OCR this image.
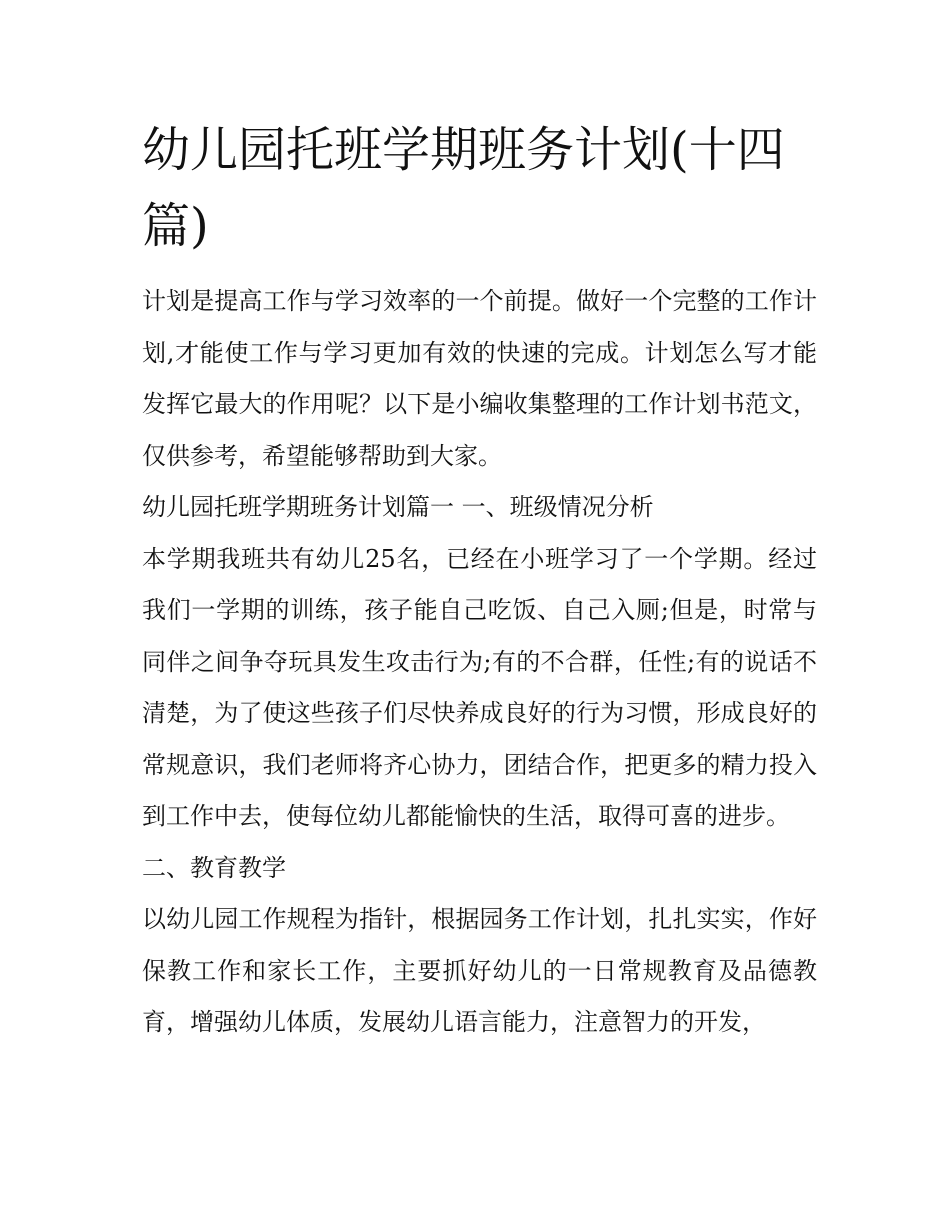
幼儿园托班学期班务计划(十四篇)

计划是提高工作与学习效率的一个前提。做好一个完整的工作计划,才能使工作与学习更加有效的快速的完成。计划怎么写才能发挥它最大的作用呢？以下是小编收集整理的工作计划书范文，仅供参考，希望能够帮助到大家。

幼儿园托班学期班务计划篇一 一、班级情况分析

本学期我班共有幼儿25名，已经在小班学习了一个学期。经过我们一学期的训练，孩子能自己吃饭、自己入厕;但是，时常与同伴之间争夺玩具发生攻击行为;有的不合群，任性;有的说话不清楚，为了使这些孩子们尽快养成良好的行为习惯，形成良好的常规意识，我们老师将齐心协力，团结合作，把更多的精力投入到工作中去，使每位幼儿都能愉快的生活，取得可喜的进步。

二、教育教学

以幼儿园工作规程为指针，根据园务工作计划，扎扎实实，作好保教工作和家长工作，主要抓好幼儿的一日常规教育及品德教育，增强幼儿体质，发展幼儿语言能力，注意智力的开发，
